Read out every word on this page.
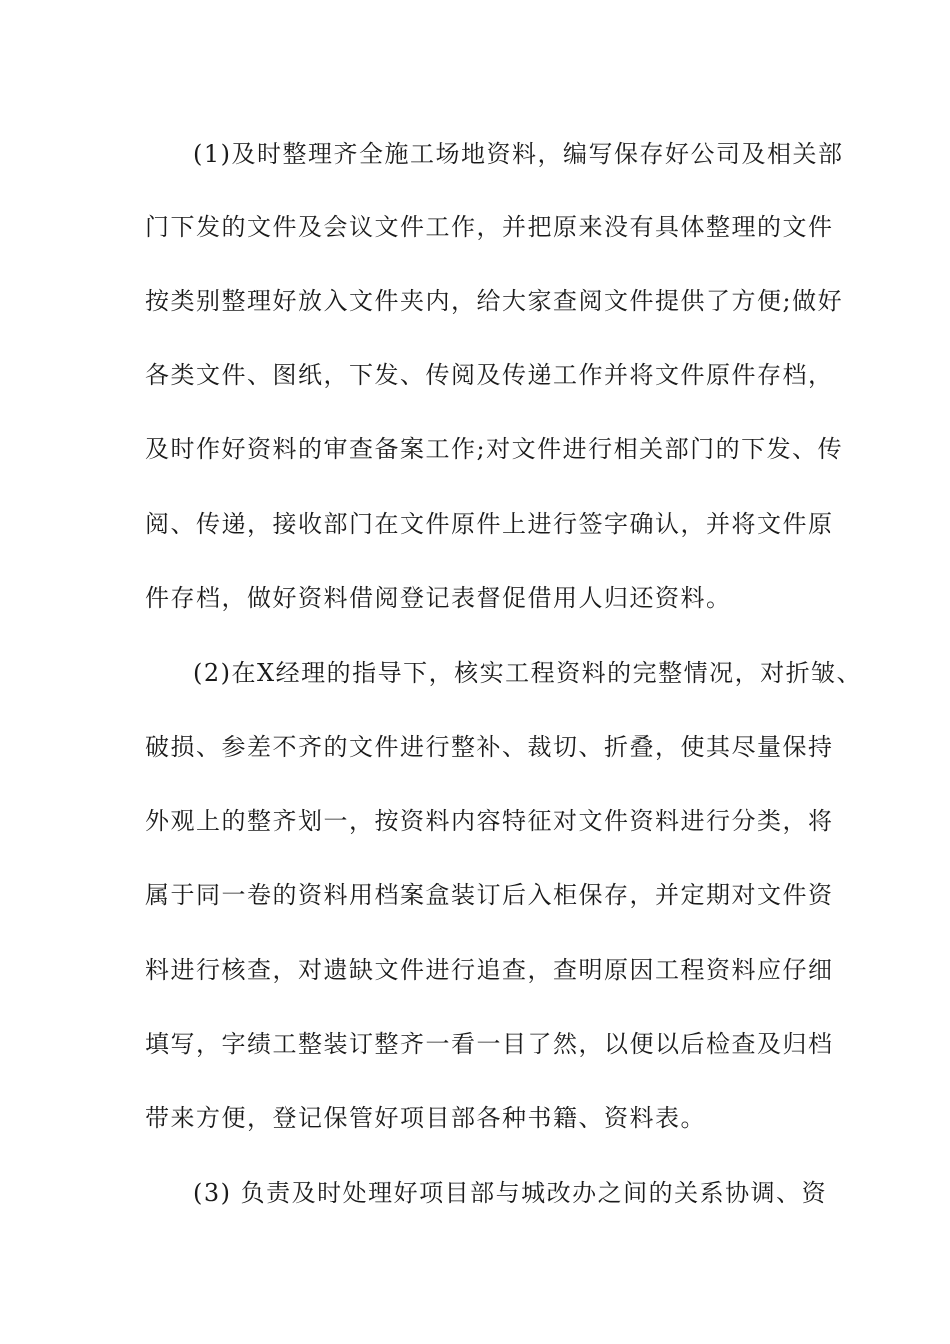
(1)及时整理齐全施工场地资料，编写保存好公司及相关部
门下发的文件及会议文件工作，并把原来没有具体整理的文件
按类别整理好放入文件夹内，给大家查阅文件提供了方便;做好
各类文件、图纸，下发、传阅及传递工作并将文件原件存档，
及时作好资料的审查备案工作;对文件进行相关部门的下发、传
阅、传递，接收部门在文件原件上进行签字确认，并将文件原
件存档，做好资料借阅登记表督促借用人归还资料。
(2)在X经理的指导下，核实工程资料的完整情况，对折皱、
破损、参差不齐的文件进行整补、裁切、折叠，使其尽量保持
外观上的整齐划一，按资料内容特征对文件资料进行分类，将
属于同一卷的资料用档案盒装订后入柜保存，并定期对文件资
料进行核查，对遗缺文件进行追查，查明原因工程资料应仔细
填写，字绩工整装订整齐一看一目了然，以便以后检查及归档
带来方便，登记保管好项目部各种书籍、资料表。
(3) 负责及时处理好项目部与城改办之间的关系协调、资
